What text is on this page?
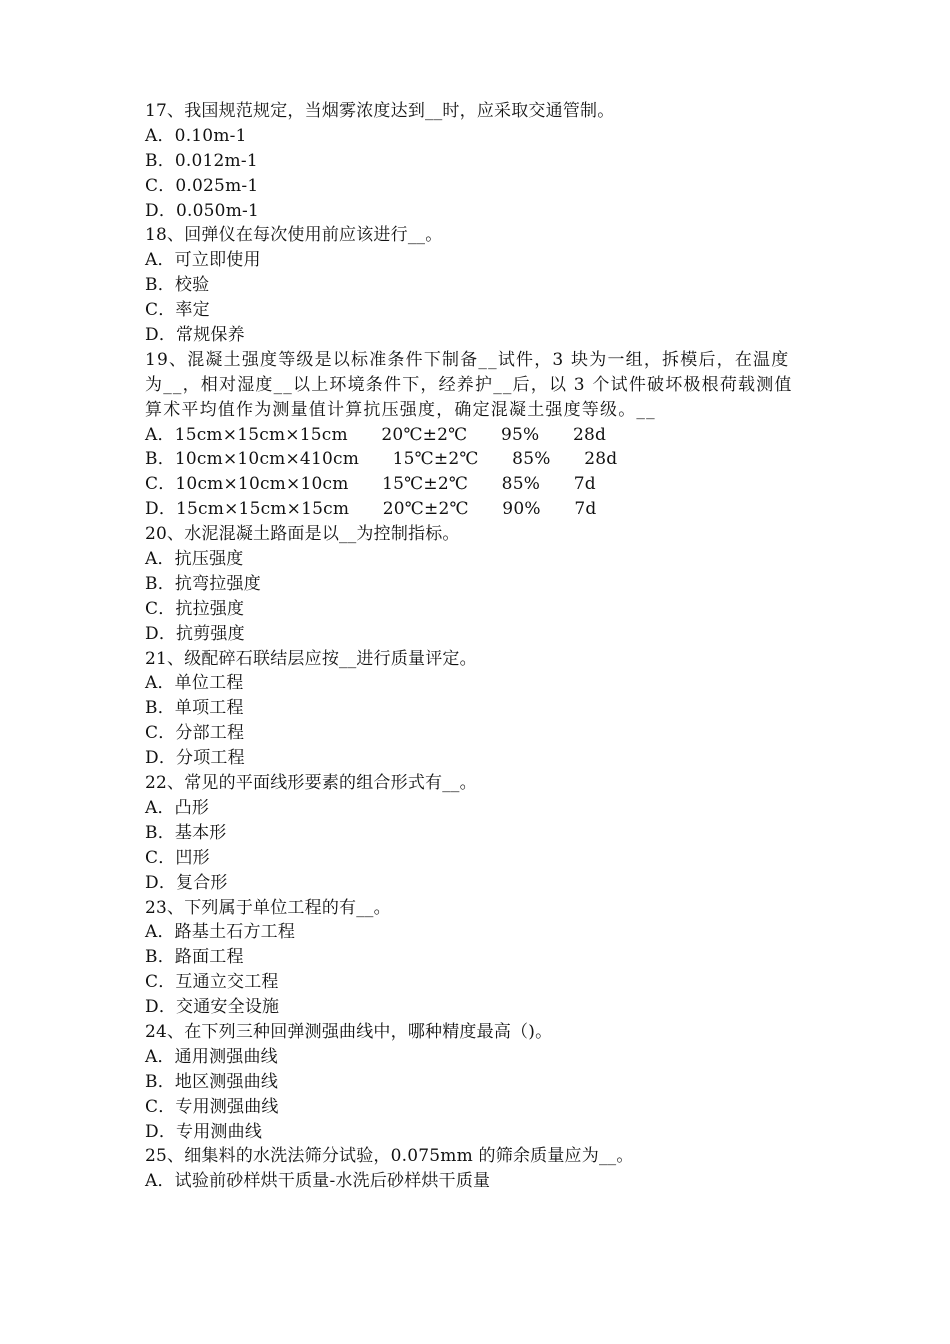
17、我国规范规定，当烟雾浓度达到__时，应采取交通管制。
A．0.10m-1
B．0.012m-1
C．0.025m-1
D．0.050m-1
18、回弹仪在每次使用前应该进行__。
A．可立即使用
B．校验
C．率定
D．常规保养
19、混凝土强度等级是以标准条件下制备__试件，3 块为一组，拆模后，在温度
为__，相对湿度__以上环境条件下，经养护__后，以 3 个试件破坏极根荷载测值
算术平均值作为测量值计算抗压强度，确定混凝土强度等级。__
A．15cm×15cm×15cm      20℃±2℃      95%      28d
B．10cm×10cm×410cm      15℃±2℃      85%      28d
C．10cm×10cm×10cm      15℃±2℃      85%      7d
D．15cm×15cm×15cm      20℃±2℃      90%      7d
20、水泥混凝土路面是以__为控制指标。
A．抗压强度
B．抗弯拉强度
C．抗拉强度
D．抗剪强度
21、级配碎石联结层应按__进行质量评定。
A．单位工程
B．单项工程
C．分部工程
D．分项工程
22、常见的平面线形要素的组合形式有__。
A．凸形
B．基本形
C．凹形
D．复合形
23、下列属于单位工程的有__。
A．路基土石方工程
B．路面工程
C．互通立交工程
D．交通安全设施
24、在下列三种回弹测强曲线中，哪种精度最高（)。
A．通用测强曲线
B．地区测强曲线
C．专用测强曲线
D．专用测曲线
25、细集料的水洗法筛分试验，0.075mm 的筛余质量应为__。
A．试验前砂样烘干质量-水洗后砂样烘干质量
